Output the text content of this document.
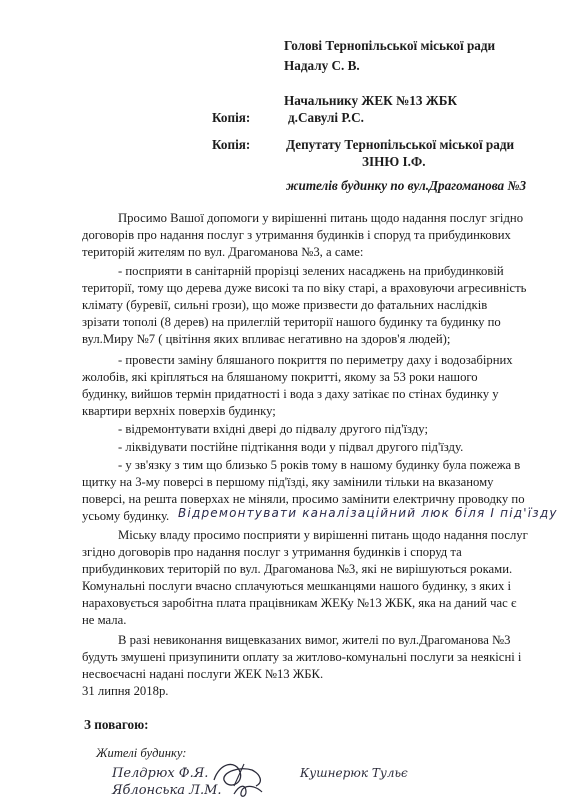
Голові Тернопільської міської ради
Надалу С. В.
Начальнику ЖЕК №13 ЖБК
Копія:	д.Савулі Р.С.
Копія:	Депутату Тернопільської міської ради
ЗІНЮ І.Ф.
жителів будинку по вул.Драгоманова №3
Просимо Вашої допомоги у вирішенні питань щодо надання послуг згідно
договорів про надання послуг з утримання будинків і споруд та прибудинкових
територій жителям по вул. Драгоманова №3, а саме:
- посприяти в санітарній прорізці зелених насаджень на прибудинковій
території, тому що дерева дуже високі та по віку старі, а враховуючи агресивність
клімату (буревії, сильні грози), що може призвести до фатальних наслідків
зрізати тополі (8 дерев) на прилеглій території нашого будинку та будинку по
вул.Миру №7 ( цвітіння яких впливає негативно на здоров'я людей);
- провести заміну бляшаного покриття по периметру даху і водозабірних
жолобів, які кріпляться на бляшаному покритті, якому за 53 роки нашого
будинку, вийшов термін придатності і вода з даху затікає по стінах будинку у
квартири верхніх поверхів будинку;
- відремонтувати вхідні двері до підвалу другого під'їзду;
- ліквідувати постійне підтікання води у підвал другого під'їзду.
- у зв'язку з тим що близько 5 років тому в нашому будинку була пожежа в
щитку на 3-му поверсі в першому під'їзді, яку замінили тільки на вказаному
поверсі, на решта поверхах не міняли, просимо замінити електричну проводку по
усьому будинку. Відремонтувати каналізаційний люк біля І під'їзду
Міську владу просимо посприяти у вирішенні питань щодо надання послуг
згідно договорів про надання послуг з утримання будинків і споруд та
прибудинкових територій по вул. Драгоманова №3, які не вирішуються роками.
Комунальні послуги вчасно сплачуються мешканцями нашого будинку, з яких і
нараховується заробітна плата працівникам ЖЕКу №13 ЖБК, яка на даний час є
не мала.
В разі невиконання вищевказаних вимог, жителі по вул.Драгоманова №3
будуть змушені призупинити оплату за житлово-комунальні послуги за неякісні і
несвоєчасні надані послуги ЖЕК №13 ЖБК.
31 липня 2018р.
З повагою:
Жителі будинку:
Пелдрюх Ф.Я.
Яблонська Л.М.
Кушнерюк Тульє
